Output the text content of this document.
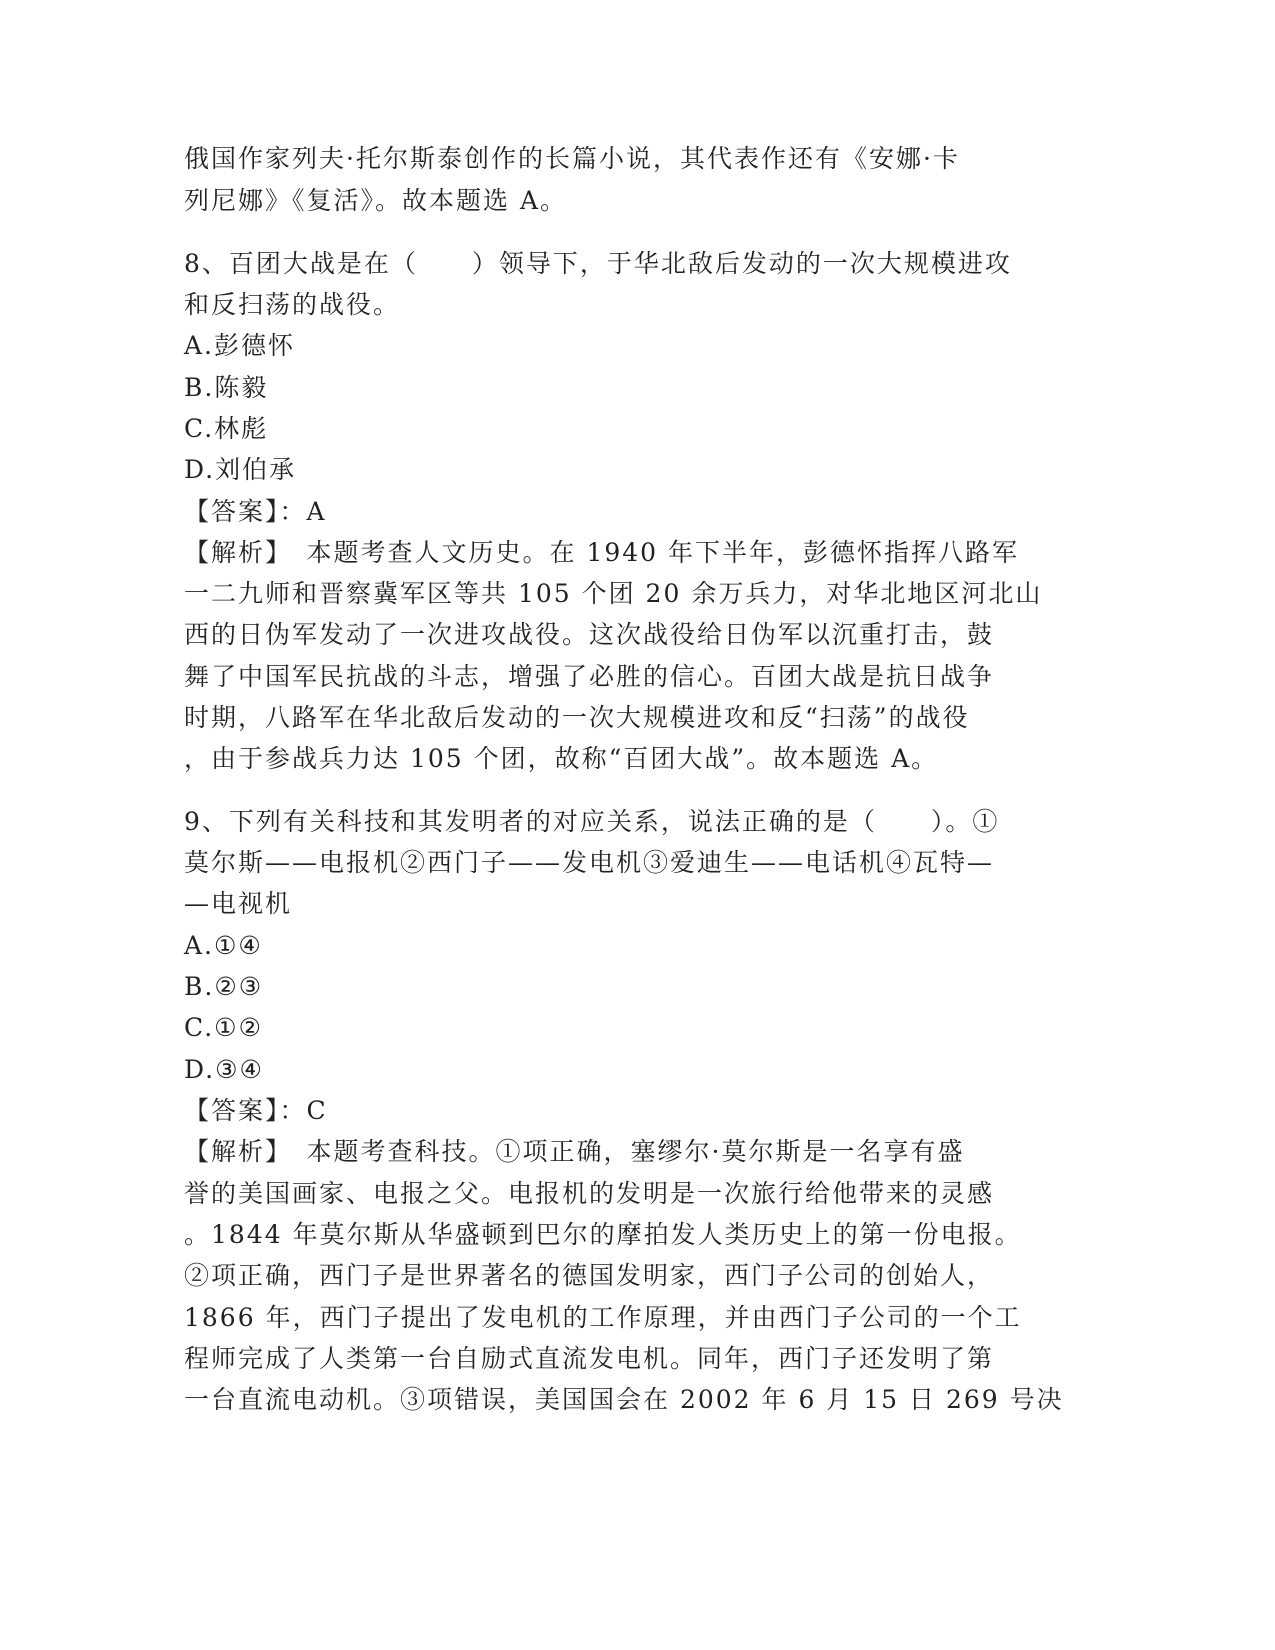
俄国作家列夫·托尔斯泰创作的长篇小说，其代表作还有《安娜·卡
列尼娜》《复活》。故本题选 A。
8、百团大战是在（　　）领导下，于华北敌后发动的一次大规模进攻
和反扫荡的战役。
A.彭德怀
B.陈毅
C.林彪
D.刘伯承
【答案】：A
【解析】　本题考查人文历史。在 1940 年下半年，彭德怀指挥八路军
一二九师和晋察冀军区等共 105 个团 20 余万兵力，对华北地区河北山
西的日伪军发动了一次进攻战役。这次战役给日伪军以沉重打击，鼓
舞了中国军民抗战的斗志，增强了必胜的信心。百团大战是抗日战争
时期，八路军在华北敌后发动的一次大规模进攻和反“扫荡”的战役
，由于参战兵力达 105 个团，故称“百团大战”。故本题选 A。
9、下列有关科技和其发明者的对应关系，说法正确的是（　　）。①
莫尔斯——电报机②西门子——发电机③爱迪生——电话机④瓦特—
—电视机
A.①④
B.②③
C.①②
D.③④
【答案】：C
【解析】　本题考查科技。①项正确，塞缪尔·莫尔斯是一名享有盛
誉的美国画家、电报之父。电报机的发明是一次旅行给他带来的灵感
。1844 年莫尔斯从华盛顿到巴尔的摩拍发人类历史上的第一份电报。
②项正确，西门子是世界著名的德国发明家，西门子公司的创始人，
1866 年，西门子提出了发电机的工作原理，并由西门子公司的一个工
程师完成了人类第一台自励式直流发电机。同年，西门子还发明了第
一台直流电动机。③项错误，美国国会在 2002 年 6 月 15 日 269 号决
